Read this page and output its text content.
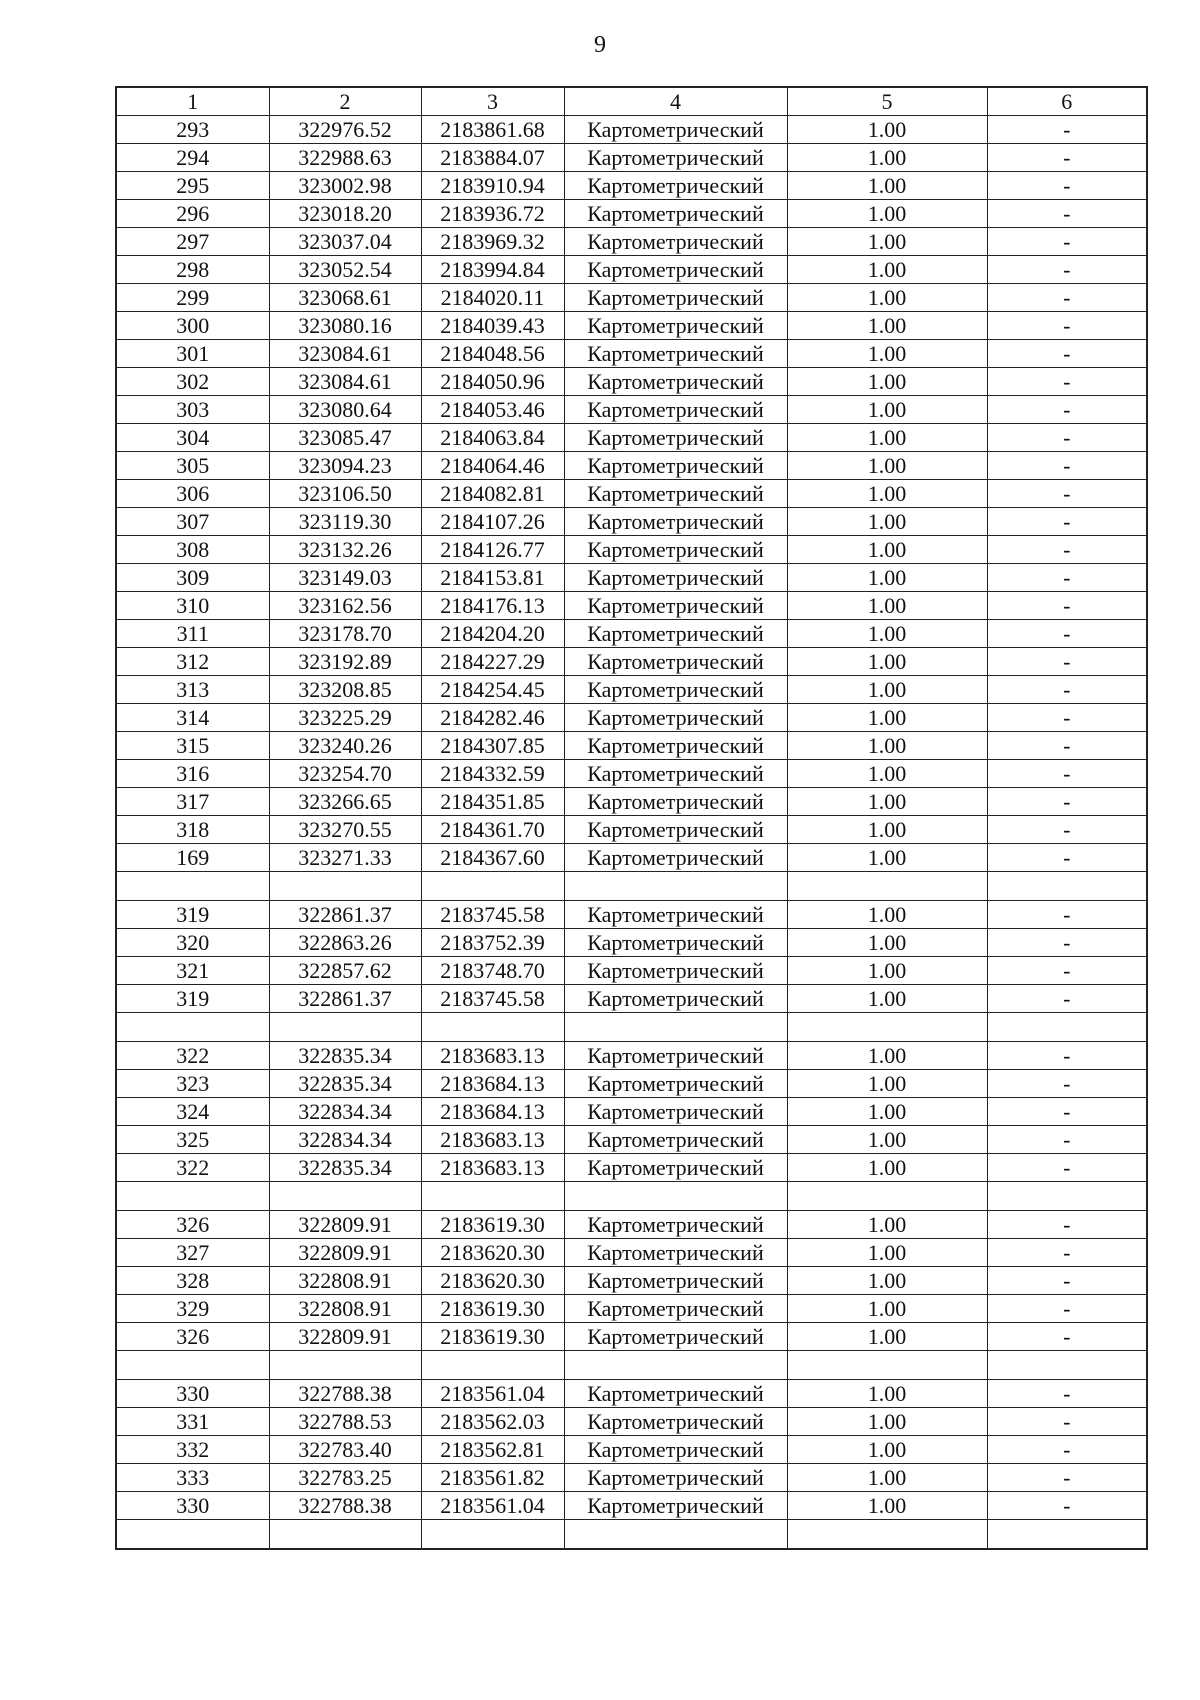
9
1	2	3	4	5	6
293	322976.52	2183861.68	Картометрический	1.00	-
294	322988.63	2183884.07	Картометрический	1.00	-
295	323002.98	2183910.94	Картометрический	1.00	-
296	323018.20	2183936.72	Картометрический	1.00	-
297	323037.04	2183969.32	Картометрический	1.00	-
298	323052.54	2183994.84	Картометрический	1.00	-
299	323068.61	2184020.11	Картометрический	1.00	-
300	323080.16	2184039.43	Картометрический	1.00	-
301	323084.61	2184048.56	Картометрический	1.00	-
302	323084.61	2184050.96	Картометрический	1.00	-
303	323080.64	2184053.46	Картометрический	1.00	-
304	323085.47	2184063.84	Картометрический	1.00	-
305	323094.23	2184064.46	Картометрический	1.00	-
306	323106.50	2184082.81	Картометрический	1.00	-
307	323119.30	2184107.26	Картометрический	1.00	-
308	323132.26	2184126.77	Картометрический	1.00	-
309	323149.03	2184153.81	Картометрический	1.00	-
310	323162.56	2184176.13	Картометрический	1.00	-
311	323178.70	2184204.20	Картометрический	1.00	-
312	323192.89	2184227.29	Картометрический	1.00	-
313	323208.85	2184254.45	Картометрический	1.00	-
314	323225.29	2184282.46	Картометрический	1.00	-
315	323240.26	2184307.85	Картометрический	1.00	-
316	323254.70	2184332.59	Картометрический	1.00	-
317	323266.65	2184351.85	Картометрический	1.00	-
318	323270.55	2184361.70	Картометрический	1.00	-
169	323271.33	2184367.60	Картометрический	1.00	-

319	322861.37	2183745.58	Картометрический	1.00	-
320	322863.26	2183752.39	Картометрический	1.00	-
321	322857.62	2183748.70	Картометрический	1.00	-
319	322861.37	2183745.58	Картометрический	1.00	-

322	322835.34	2183683.13	Картометрический	1.00	-
323	322835.34	2183684.13	Картометрический	1.00	-
324	322834.34	2183684.13	Картометрический	1.00	-
325	322834.34	2183683.13	Картометрический	1.00	-
322	322835.34	2183683.13	Картометрический	1.00	-

326	322809.91	2183619.30	Картометрический	1.00	-
327	322809.91	2183620.30	Картометрический	1.00	-
328	322808.91	2183620.30	Картометрический	1.00	-
329	322808.91	2183619.30	Картометрический	1.00	-
326	322809.91	2183619.30	Картометрический	1.00	-

330	322788.38	2183561.04	Картометрический	1.00	-
331	322788.53	2183562.03	Картометрический	1.00	-
332	322783.40	2183562.81	Картометрический	1.00	-
333	322783.25	2183561.82	Картометрический	1.00	-
330	322788.38	2183561.04	Картометрический	1.00	-
